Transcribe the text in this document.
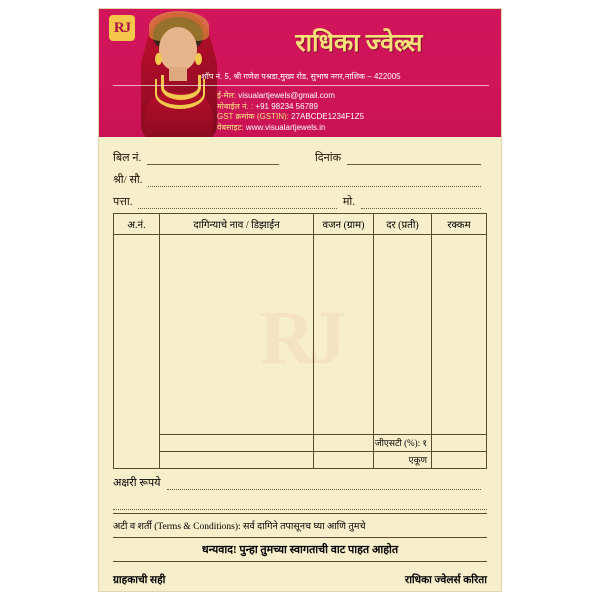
RJ
राधिका ज्वेल्र्स
शॉप नं. 5, श्री गणेश पश्रडा,मुख्य रोड, सुभाष नगर,नाशिक – 422005
ई-मेल: visualartjewels@gmail.com
मोबाईल नं. : +91 98234 56789
GST क्रमांक (GSTIN): 27ABCDE1234F1Z5
वेबसाइट: www.visualartjewels.in
बिल नं.	दिनांक
श्री/ सौ.
पत्ता.	मो.
RJ
अ.नं.	दागिन्याचे नाव / डिझाईन	वजन (ग्राम)	दर (प्रती)	रक्कम
जीएसटी (%): १
एकूण
अक्षरी रूपये
अटी व शर्ती (Terms & Conditions): सर्व दागिने तपासूनच घ्या आणि तुमचे
धन्यवाद! पुन्हा तुमच्या स्वागताची वाट पाहत आहोत
ग्राहकाची सही	राधिका ज्वेलर्स करिता
